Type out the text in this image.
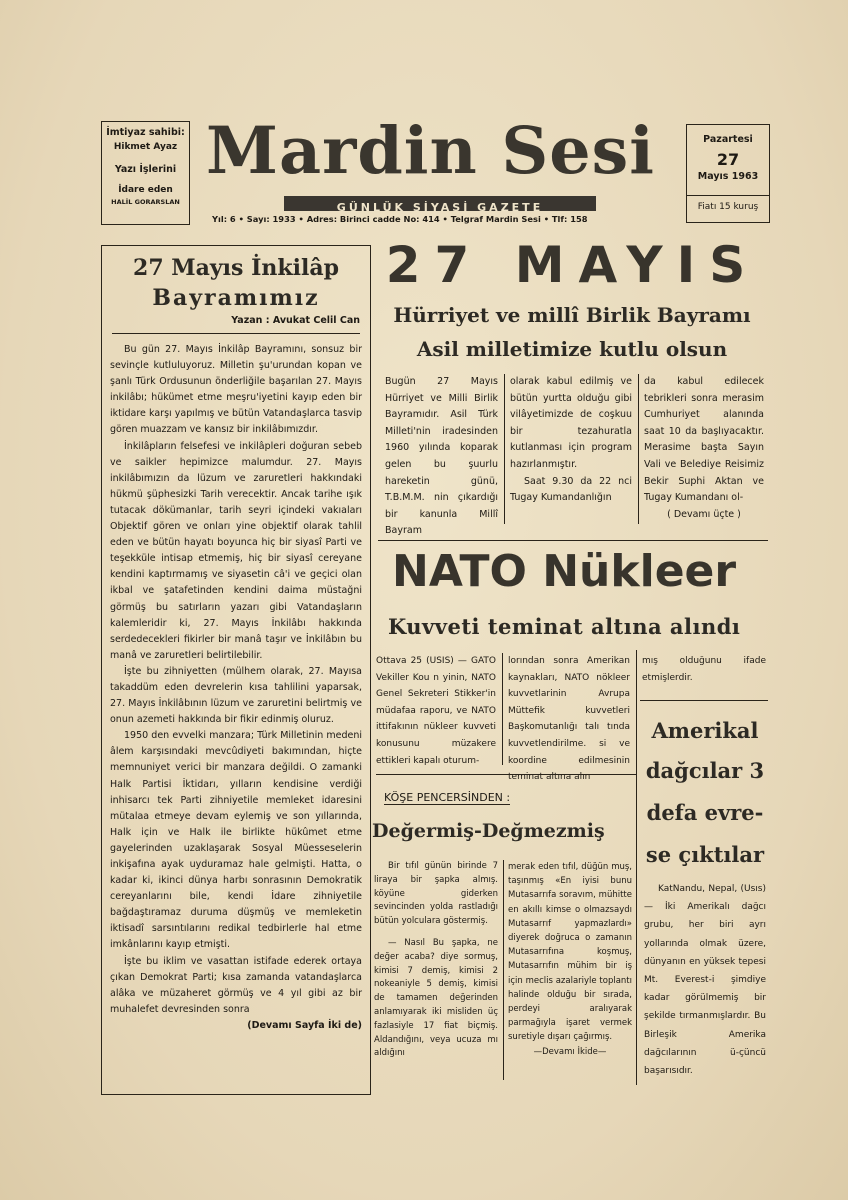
İmtiyaz sahibi:
Hikmet Ayaz
Yazı İşlerini
İdare eden
HALİL GORARSLAN
Mardin Sesi
GÜNLÜK SİYASİ GAZETE
Yıl: 6 • Sayı: 1933 • Adres: Birinci cadde No: 414 • Telgraf Mardin Sesi • Tlf: 158
Pazartesi
27
Mayıs 1963
Fiatı 15 kuruş
27 Mayıs İnkilâp
Bayramımız
Yazan : Avukat Celil Can

Bu gün 27. Mayıs İnkilâp Bayramını, sonsuz bir sevinçle kutluluyoruz. Milletin şu'urundan kopan ve şanlı Türk Ordusunun önderliğile başarılan 27. Mayıs inkilâbı; hükümet etme meşru'iyetini kayıp eden bir iktidare karşı yapılmış ve bütün Vatandaşlarca tasvip gören muazzam ve kansız bir inkilâbımızdır.

İnkilâpların felsefesi ve inkilâpleri doğuran sebeb ve saikler hepimizce malumdur. 27. Mayıs inkilâbımızın da lüzum ve zaruretleri hakkındaki hükmü şüphesizki Tarih verecektir. Ancak tarihe ışık tutacak dökümanlar, tarih seyri içindeki vakıaları Objektif gören ve onları yine objektif olarak tahlil eden ve bütün hayatı boyunca hiç bir siyasî Parti ve teşekküle intisap etmemiş, hiç bir siyasî cereyane kendini kaptırmamış ve siyasetin câ'i ve geçici olan ikbal ve şatafetinden kendini daima müstağni görmüş bu satırların yazarı gibi Vatandaşların kalemleridir ki, 27. Mayıs İnkilâbı hakkında serdedecekleri fikirler bir manâ taşır ve İnkilâbın bu manâ ve zaruretleri belirtilebilir.

İşte bu zihniyetten (mülhem olarak, 27. Mayısa takaddüm eden devrelerin kısa tahlilini yaparsak, 27. Mayıs İnkilâbının lüzum ve zaruretini belirtmiş ve onun azemeti hakkında bir fikir edinmiş oluruz.

1950 den evvelki manzara; Türk Milletinin medeni âlem karşısındaki mevcûdiyeti bakımından, hiçte memnuniyet verici bir manzara değildi. O zamanki Halk Partisi İktidarı, yılların kendisine verdiği inhisarcı tek Parti zihniyetile memleket idaresini mütalaa etmeye devam eylemiş ve son yıllarında, Halk için ve Halk ile birlikte hükûmet etme gayelerinden uzaklaşarak Sosyal Müesseselerin inkişafına ayak uyduramaz hale gelmişti. Hatta, o kadar ki, ikinci dünya harbı sonrasının Demokratik cereyanlarını bile, kendi İdare zihniyetile bağdaştıramaz duruma düşmüş ve memleketin iktisadî sarsıntılarını redikal tedbirlerle hal etme imkânlarını kayıp etmişti.

İşte bu iklim ve vasattan istifade ederek ortaya çıkan Demokrat Parti; kısa zamanda vatandaşlarca alâka ve müzaheret görmüş ve 4 yıl gibi az bir muhalefet devresinden sonra

(Devamı Sayfa İki de)
27 MAYIS
Hürriyet ve millî Birlik Bayramı
Asil milletimize kutlu olsun
Bugün 27 Mayıs Hürriyet ve Milli Birlik Bayramıdır. Asil Türk Milleti'nin iradesinden 1960 yılında koparak gelen bu şuurlu hareketin günü, T.B.M.M. nin çıkardığı bir kanunla Millî Bayram

olarak kabul edilmiş ve bütün yurtta olduğu gibi vilâyetimizde de coşkuu bir tezahuratla kutlanması için program hazırlanmıştır.

Saat 9.30 da 22 nci Tugay Kumandanlığın

da kabul edilecek tebrikleri sonra merasim Cumhuriyet alanında saat 10 da başlıyacaktır. Merasime başta Sayın Vali ve Belediye Reisimiz Bekir Suphi Aktan ve Tugay Kumandanı ol-

( Devamı üçte )
NATO Nükleer
Kuvveti teminat altına alındı
Ottava 25 (USIS) — GATO Vekiller Kou n yinin, NATO Genel Sekreteri Stikker'in müdafaa raporu, ve NATO ittifakının nükleer kuvveti konusunu müzakere ettikleri kapalı oturum-
lorından sonra Amerikan kaynakları, NATO nökleer kuvvetlarinin Avrupa Müttefik kuvvetleri Başkomutanlığı talı tında kuvvetlendirilme. si ve koordine edilmesinin teminat altına alın
mış olduğunu ifade etmişlerdir.
KÖŞE PENCERSİNDEN :
Değermiş-Değmezmiş

Bir tıfıl günün birinde 7 liraya bir şapka almış. köyüne giderken sevincinden yolda rastladığı bütün yolculara göstermiş.

— Nasıl Bu şapka, ne değer acaba? diye sormuş, kimisi 7 demiş, kimisi 2 nokeaniyle 5 demiş, kimisi de tamamen değerinden anlamıyarak iki misliden üç fazlasiyle 17 fiat biçmiş. Aldandığını, veya ucuza mı aldığını

merak eden tıfıl, düğün muş, taşınmış «En iyisi bunu Mutasarrıfa soravım, mühitte en akıllı kimse o olmazsaydı Mutasarrıf yapmazlardı» diyerek doğruca o zamanın Mutasarrıfına koşmuş, Mutasarrıfın mühim bir iş için meclis azalariyle toplantı halinde olduğu bir sırada, perdeyi aralıyarak parmağıyla işaret vermek suretiyle dışarı çağırmış.

—Devamı İkide—
Amerikal
dağcılar 3
defa evre-
se çıktılar
KatNandu, Nepal, (Usıs)— İki Amerikalı dağcı grubu, her biri ayrı yollarında olmak üzere, dünyanın en yüksek tepesi Mt. Everest-i şimdiye kadar görülmemiş bir şekilde tırmanmışlardır. Bu Birleşik Amerika dağcılarının ü-çüncü başarısıdır.
